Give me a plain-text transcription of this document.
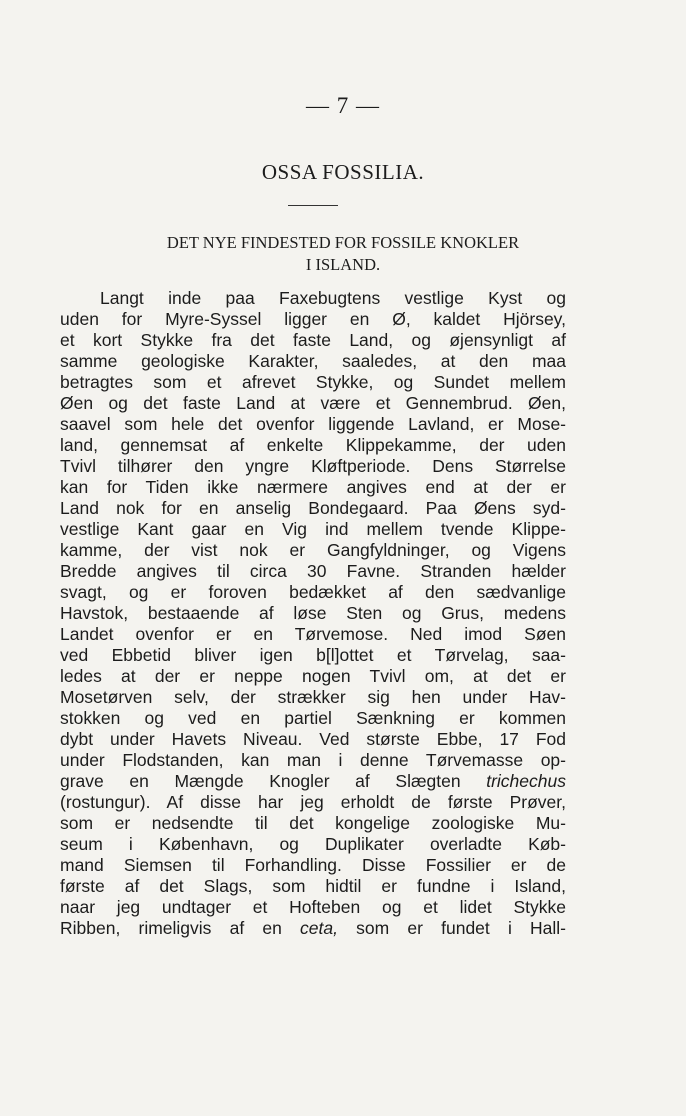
— 7 —
OSSA FOSSILIA.
DET NYE FINDESTED FOR FOSSILE KNOKLER
I ISLAND.
Langt inde paa Faxebugtens vestlige Kyst og
uden for Myre-Syssel ligger en Ø, kaldet Hjörsey,
et kort Stykke fra det faste Land, og øjensynligt af
samme geologiske Karakter, saaledes, at den maa
betragtes som et afrevet Stykke, og Sundet mellem
Øen og det faste Land at være et Gennembrud. Øen,
saavel som hele det ovenfor liggende Lavland, er Mose-
land, gennemsat af enkelte Klippekamme, der uden
Tvivl tilhører den yngre Kløftperiode. Dens Størrelse
kan for Tiden ikke nærmere angives end at der er
Land nok for en anselig Bondegaard. Paa Øens syd-
vestlige Kant gaar en Vig ind mellem tvende Klippe-
kamme, der vist nok er Gangfyldninger, og Vigens
Bredde angives til circa 30 Favne. Stranden hælder
svagt, og er foroven bedækket af den sædvanlige
Havstok, bestaaende af løse Sten og Grus, medens
Landet ovenfor er en Tørvemose. Ned imod Søen
ved Ebbetid bliver igen b[l]ottet et Tørvelag, saa-
ledes at der er neppe nogen Tvivl om, at det er
Mosetørven selv, der strækker sig hen under Hav-
stokken og ved en partiel Sænkning er kommen
dybt under Havets Niveau. Ved største Ebbe, 17 Fod
under Flodstanden, kan man i denne Tørvemasse op-
grave en Mængde Knogler af Slægten trichechus
(rostungur). Af disse har jeg erholdt de første Prøver,
som er nedsendte til det kongelige zoologiske Mu-
seum i København, og Duplikater overladte Køb-
mand Siemsen til Forhandling. Disse Fossilier er de
første af det Slags, som hidtil er fundne i Island,
naar jeg undtager et Hofteben og et lidet Stykke
Ribben, rimeligvis af en ceta, som er fundet i Hall-
